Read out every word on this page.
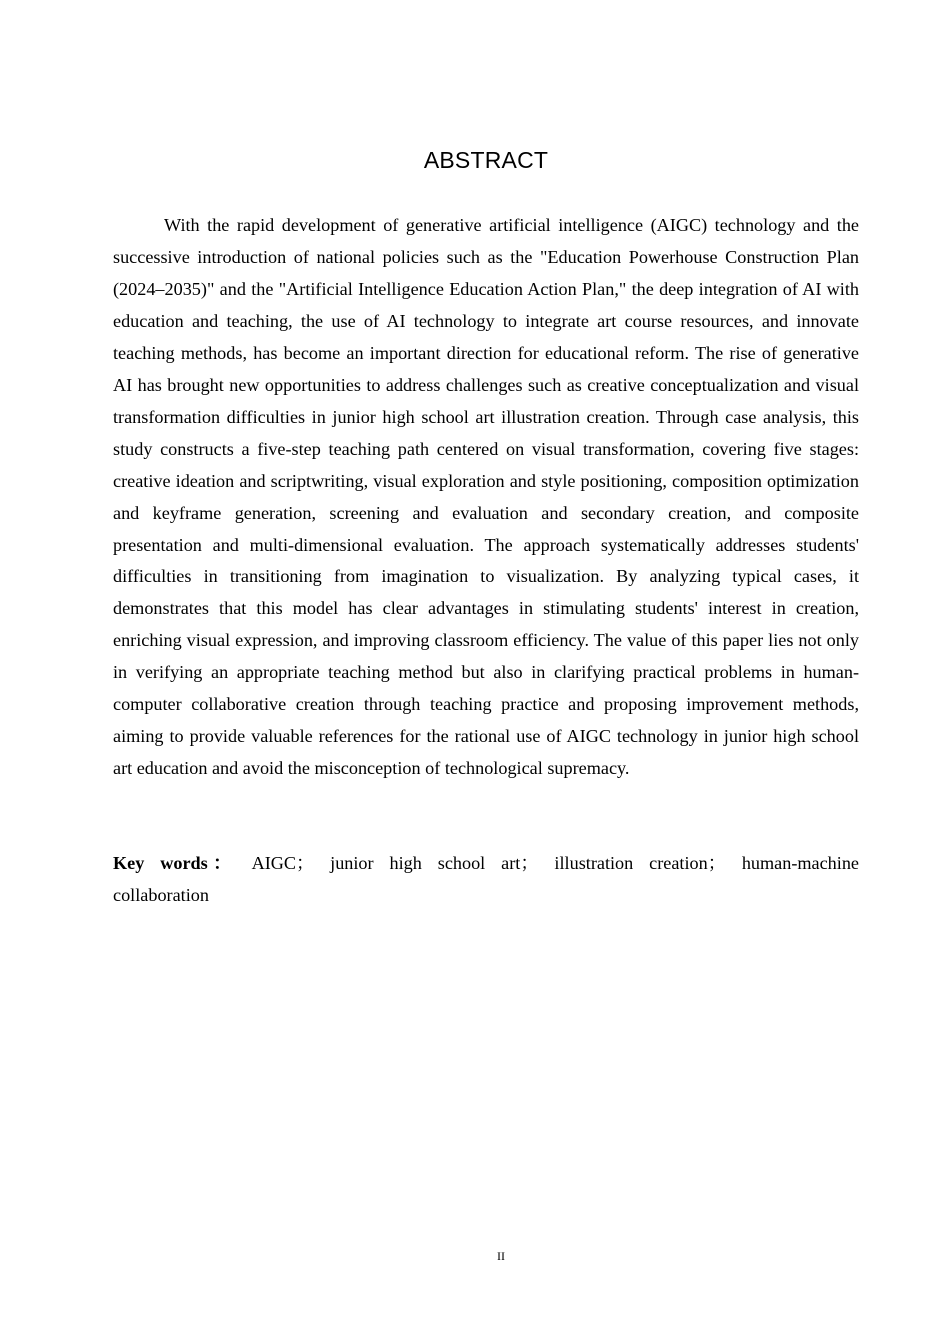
ABSTRACT

With the rapid development of generative artificial intelligence (AIGC) technology and the successive introduction of national policies such as the "Education Powerhouse Construction Plan (2024–2035)" and the "Artificial Intelligence Education Action Plan," the deep integration of AI with education and teaching, the use of AI technology to integrate art course resources, and innovate teaching methods, has become an important direction for educational reform. The rise of generative AI has brought new opportunities to address challenges such as creative conceptualization and visual transformation difficulties in junior high school art illustration creation. Through case analysis, this study constructs a five-step teaching path centered on visual transformation, covering five stages: creative ideation and scriptwriting, visual exploration and style positioning, composition optimization and keyframe generation, screening and evaluation and secondary creation, and composite presentation and multi-dimensional evaluation. The approach systematically addresses students' difficulties in transitioning from imagination to visualization. By analyzing typical cases, it demonstrates that this model has clear advantages in stimulating students' interest in creation, enriching visual expression, and improving classroom efficiency. The value of this paper lies not only in verifying an appropriate teaching method but also in clarifying practical problems in human-computer collaborative creation through teaching practice and proposing improvement methods, aiming to provide valuable references for the rational use of AIGC technology in junior high school art education and avoid the misconception of technological supremacy.

Key words： AIGC； junior high school art； illustration creation； human-machine collaboration

II
